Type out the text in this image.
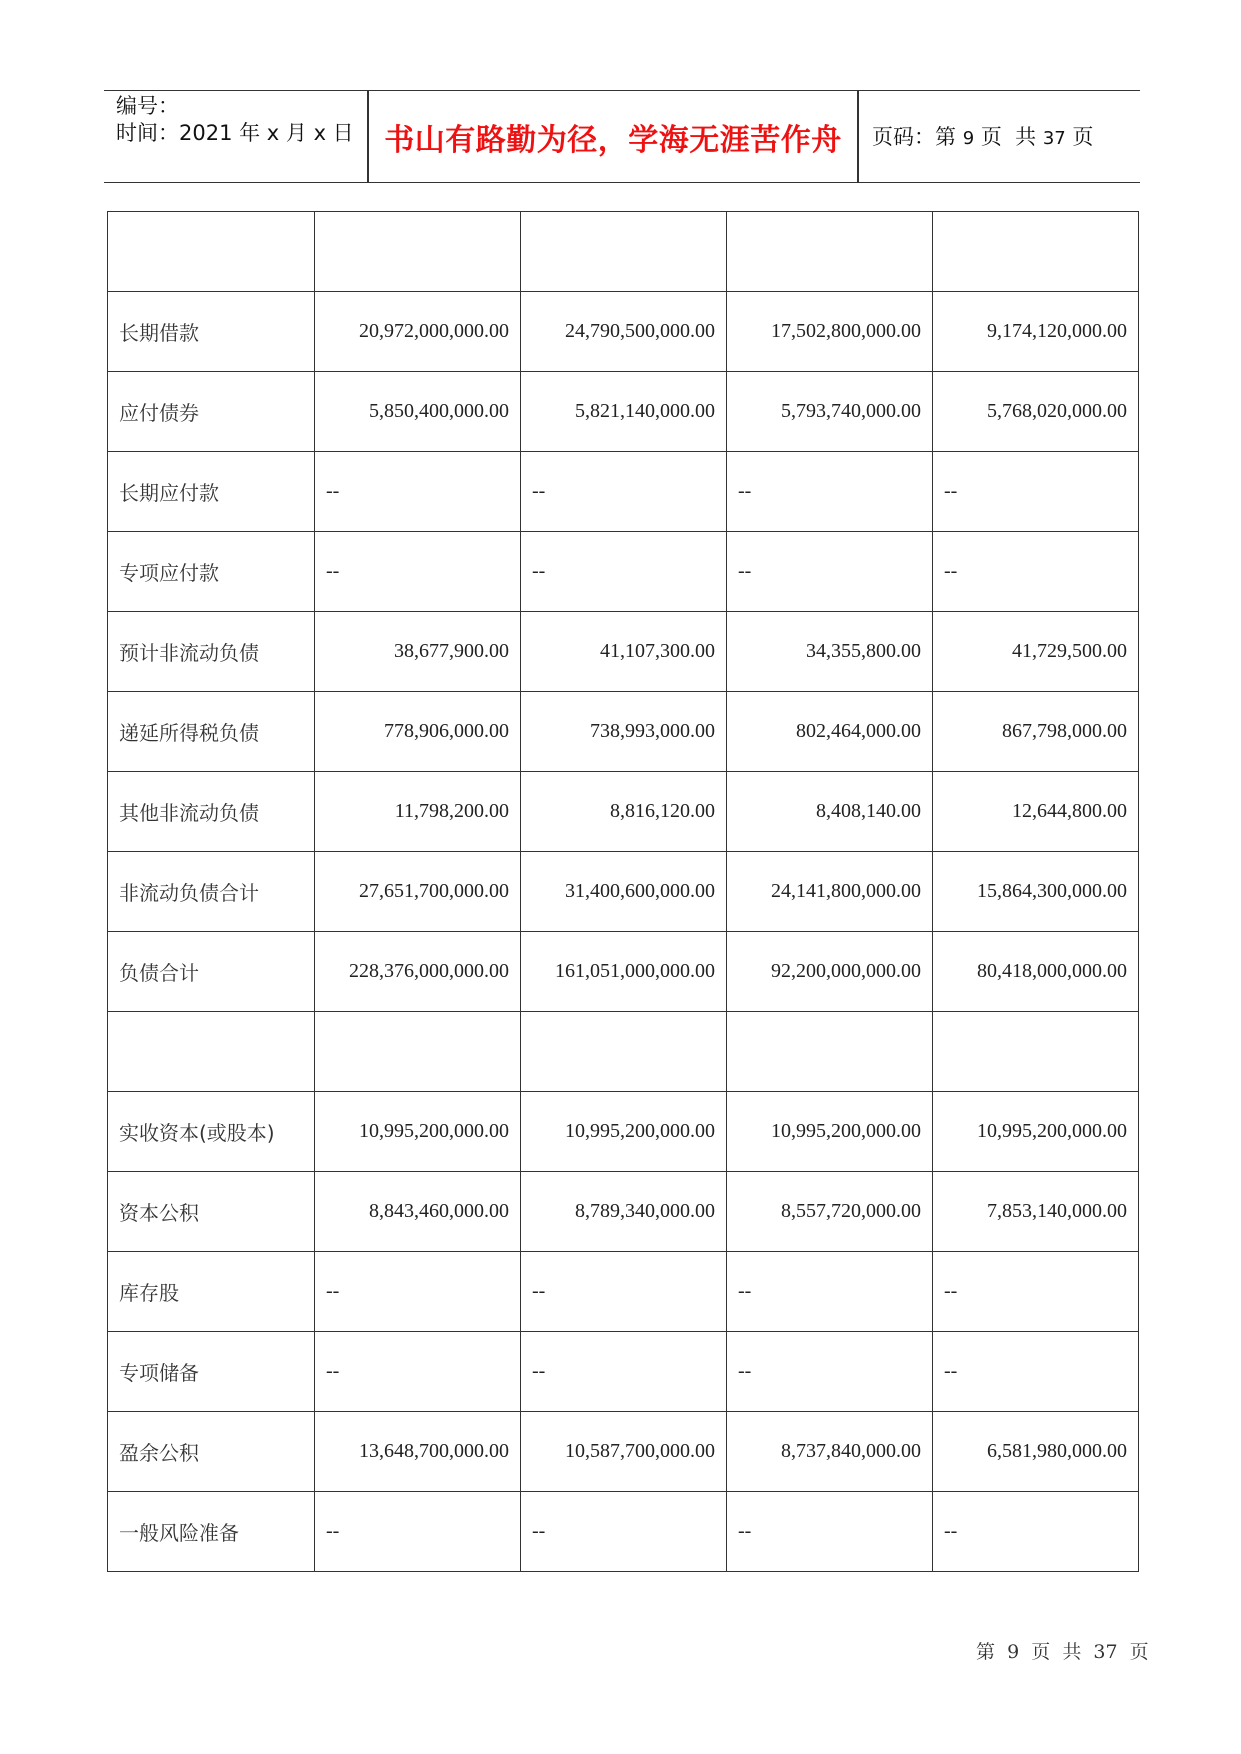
编号：
时间：2021 年 x 月 x 日	书山有路勤为径，学海无涯苦作舟	页码：第 9 页  共 37 页

长期借款	20,972,000,000.00	24,790,500,000.00	17,502,800,000.00	9,174,120,000.00
应付债券	5,850,400,000.00	5,821,140,000.00	5,793,740,000.00	5,768,020,000.00
长期应付款	--	--	--	--
专项应付款	--	--	--	--
预计非流动负债	38,677,900.00	41,107,300.00	34,355,800.00	41,729,500.00
递延所得税负债	778,906,000.00	738,993,000.00	802,464,000.00	867,798,000.00
其他非流动负债	11,798,200.00	8,816,120.00	8,408,140.00	12,644,800.00
非流动负债合计	27,651,700,000.00	31,400,600,000.00	24,141,800,000.00	15,864,300,000.00
负债合计	228,376,000,000.00	161,051,000,000.00	92,200,000,000.00	80,418,000,000.00

实收资本(或股本)	10,995,200,000.00	10,995,200,000.00	10,995,200,000.00	10,995,200,000.00
资本公积	8,843,460,000.00	8,789,340,000.00	8,557,720,000.00	7,853,140,000.00
库存股	--	--	--	--
专项储备	--	--	--	--
盈余公积	13,648,700,000.00	10,587,700,000.00	8,737,840,000.00	6,581,980,000.00
一般风险准备	--	--	--	--
第  9  页  共  37  页
